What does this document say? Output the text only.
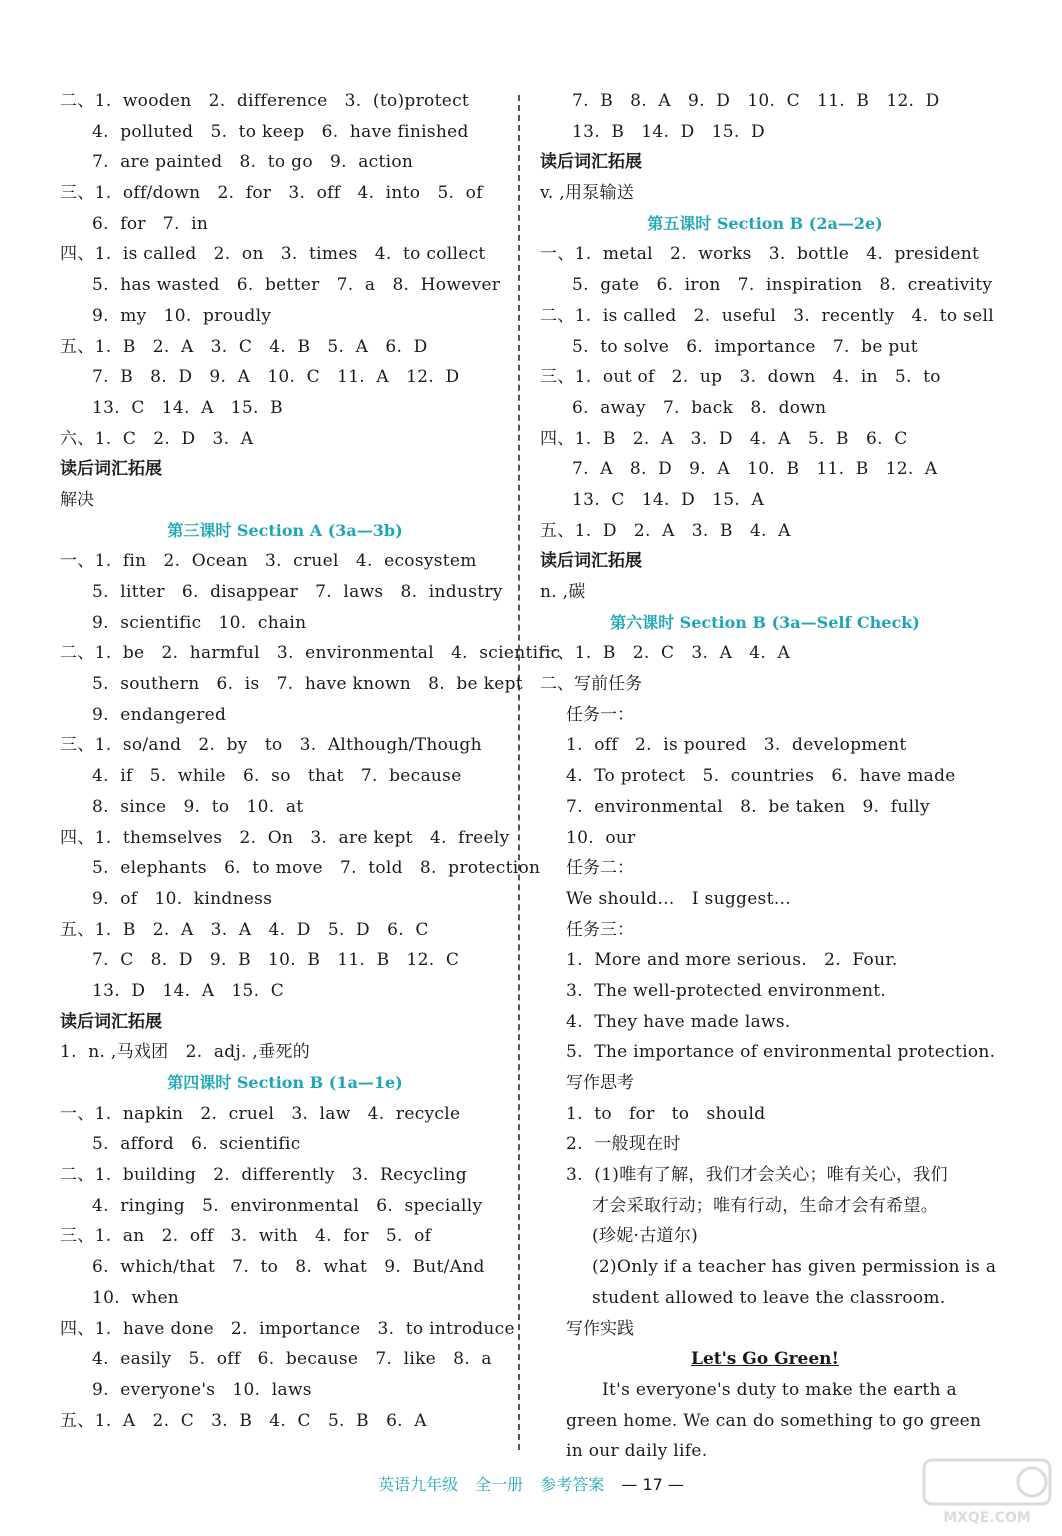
二、1.  wooden   2.  difference   3.  (to)protect
4.  polluted   5.  to keep   6.  have finished
7.  are painted   8.  to go   9.  action
三、1.  off/down   2.  for   3.  off   4.  into   5.  of
6.  for   7.  in
四、1.  is called   2.  on   3.  times   4.  to collect
5.  has wasted   6.  better   7.  a   8.  However
9.  my   10.  proudly
五、1.  B   2.  A   3.  C   4.  B   5.  A   6.  D
7.  B   8.  D   9.  A   10.  C   11.  A   12.  D
13.  C   14.  A   15.  B
六、1.  C   2.  D   3.  A
读后词汇拓展
解决
第三课时 Section A (3a—3b)
一、1.  fin   2.  Ocean   3.  cruel   4.  ecosystem
5.  litter   6.  disappear   7.  laws   8.  industry
9.  scientific   10.  chain
二、1.  be   2.  harmful   3.  environmental   4.  scientific
5.  southern   6.  is   7.  have known   8.  be kept
9.  endangered
三、1.  so/and   2.  by   to   3.  Although/Though
4.  if   5.  while   6.  so   that   7.  because
8.  since   9.  to   10.  at
四、1.  themselves   2.  On   3.  are kept   4.  freely
5.  elephants   6.  to move   7.  told   8.  protection
9.  of   10.  kindness
五、1.  B   2.  A   3.  A   4.  D   5.  D   6.  C
7.  C   8.  D   9.  B   10.  B   11.  B   12.  C
13.  D   14.  A   15.  C
读后词汇拓展
1.  n. ,马戏团   2.  adj. ,垂死的
第四课时 Section B (1a—1e)
一、1.  napkin   2.  cruel   3.  law   4.  recycle
5.  afford   6.  scientific
二、1.  building   2.  differently   3.  Recycling
4.  ringing   5.  environmental   6.  specially
三、1.  an   2.  off   3.  with   4.  for   5.  of
6.  which/that   7.  to   8.  what   9.  But/And
10.  when
四、1.  have done   2.  importance   3.  to introduce
4.  easily   5.  off   6.  because   7.  like   8.  a
9.  everyone's   10.  laws
五、1.  A   2.  C   3.  B   4.  C   5.  B   6.  A
7.  B   8.  A   9.  D   10.  C   11.  B   12.  D
13.  B   14.  D   15.  D
读后词汇拓展
v. ,用泵输送
第五课时 Section B (2a—2e)
一、1.  metal   2.  works   3.  bottle   4.  president
5.  gate   6.  iron   7.  inspiration   8.  creativity
二、1.  is called   2.  useful   3.  recently   4.  to sell
5.  to solve   6.  importance   7.  be put
三、1.  out of   2.  up   3.  down   4.  in   5.  to
6.  away   7.  back   8.  down
四、1.  B   2.  A   3.  D   4.  A   5.  B   6.  C
7.  A   8.  D   9.  A   10.  B   11.  B   12.  A
13.  C   14.  D   15.  A
五、1.  D   2.  A   3.  B   4.  A
读后词汇拓展
n. ,碳
第六课时 Section B (3a—Self Check)
一、1.  B   2.  C   3.  A   4.  A
二、写前任务
任务一：
1.  off   2.  is poured   3.  development
4.  To protect   5.  countries   6.  have made
7.  environmental   8.  be taken   9.  fully
10.  our
任务二：
We should…   I suggest…
任务三：
1.  More and more serious.   2.  Four.
3.  The well-protected environment.
4.  They have made laws.
5.  The importance of environmental protection.
写作思考
1.  to   for   to   should
2.  一般现在时
3.  (1)唯有了解，我们才会关心；唯有关心，我们
才会采取行动；唯有行动，生命才会有希望。
(珍妮·古道尔)
(2)Only if a teacher has given permission is a
student allowed to leave the classroom.
写作实践
Let's Go Green!
It's everyone's duty to make the earth a green home. We can do something to go green in our daily life.
英语九年级 全一册 参考答案 — 17 —
MXQE.COM
